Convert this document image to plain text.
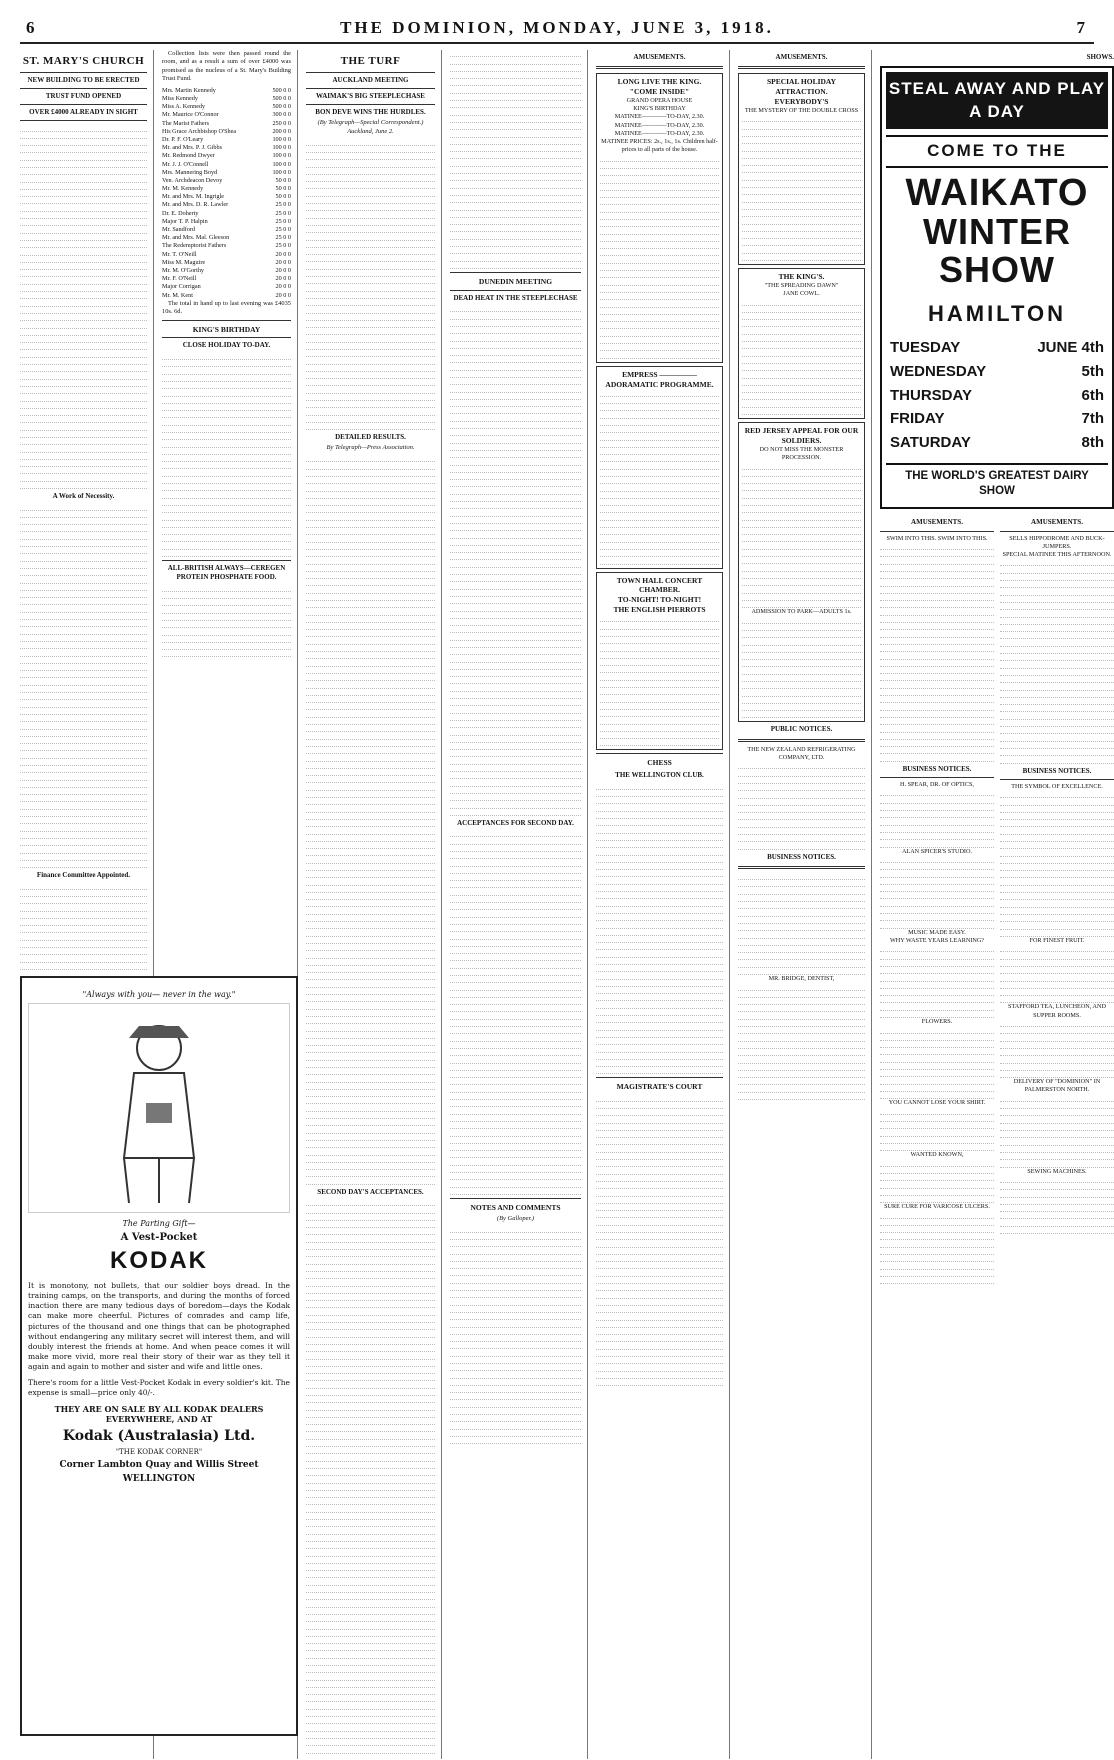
6	THE DOMINION, MONDAY, JUNE 3, 1918.	7
ST. MARY'S CHURCH
NEW BUILDING TO BE ERECTED
TRUST FUND OPENED
OVER £4000 ALREADY IN SIGHT
A Work of Necessity.
Finance Committee Appointed.

Collection lists were then passed round the room, and as a result a sum of over £4000 was promised as the nucleus of a St. Mary's Building Trust Fund.

Mrs. Martin Kennedy	500 0 0
Miss Kennedy	500 0 0
Miss A. Kennedy	500 0 0
Mr. Maurice O'Connor	300 0 0
The Marist Fathers	250 0 0
His Grace Archbishop O'Shea	200 0 0
Dr. P. F. O'Leary	100 0 0
Mr. and Mrs. P. J. Gibbs	100 0 0
Mr. Redmond Dwyer	100 0 0
Mr. J. J. O'Connell	100 0 0
Mrs. Mannering Boyd	100 0 0
Ven. Archdeacon Devoy	50 0 0
Mr. M. Kennedy	50 0 0
Mr. and Mrs. M. Ingrigle	50 0 0
Mr. and Mrs. D. R. Lawler	25 0 0
Dr. E. Doherty	25 0 0
Major T. P. Halpin	25 0 0
Mr. Sandford	25 0 0
Mr. and Mrs. Mal. Gleeson	25 0 0
The Redemptorist Fathers	25 0 0
Mr. T. O'Neill	20 0 0
Miss M. Maguire	20 0 0
Mr. M. O'Gorthy	20 0 0
Mr. F. O'Neill	20 0 0
Major Corrigan	20 0 0
Mr. M. Kent	20 0 0

The total in hand up to last evening was £4035 10s. 6d.

KING'S BIRTHDAY
CLOSE HOLIDAY TO-DAY.
ALL-BRITISH ALWAYS—CEREGEN PROTEIN PHOSPHATE FOOD.
THE TURF
AUCKLAND MEETING
WAIMAK'S BIG STEEPLECHASE
BON DEVE WINS THE HURDLES.
(By Telegraph—Special Correspondent.) Auckland, June 2.
DETAILED RESULTS.
By Telegraph—Press Association.
SECOND DAY'S ACCEPTANCES.
DUNEDIN MEETING
DEAD HEAT IN THE STEEPLECHASE
ACCEPTANCES FOR SECOND DAY.
NOTES AND COMMENTS
(By Galloper.)
AMUSEMENTS.
LONG LIVE THE KING.
"COME INSIDE"
GRAND OPERA HOUSE
KING'S BIRTHDAY
MATINEE————TO-DAY, 2.30.
MATINEE————TO-DAY, 2.30.
MATINEE————TO-DAY, 2.30.
MATINEE PRICES: 2s., 1s., 1s. Children half-prices to all parts of the house.
EMPRESS ————— ADORAMATIC PROGRAMME.
TOWN HALL CONCERT CHAMBER.
TO-NIGHT! TO-NIGHT!
THE ENGLISH PIERROTS
CHESS
THE WELLINGTON CLUB.
MAGISTRATE'S COURT
AMUSEMENTS.
SPECIAL HOLIDAY ATTRACTION.
EVERYBODY'S
THE MYSTERY OF THE DOUBLE CROSS
THE KING'S.
"THE SPREADING DAWN"
JANE COWL.
RED JERSEY APPEAL FOR OUR SOLDIERS.
DO NOT MISS THE MONSTER PROCESSION.
ADMISSION TO PARK—ADULTS 1s.
PUBLIC NOTICES.
THE NEW ZEALAND REFRIGERATING COMPANY, LTD.
BUSINESS NOTICES.
MR. BRIDGE, DENTIST,
SHOWS.
STEAL AWAY AND PLAY A DAY
COME TO THE
WAIKATO
WINTER SHOW
HAMILTON
TUESDAY	JUNE 4th
WEDNESDAY	5th
THURSDAY	6th
FRIDAY	7th
SATURDAY	8th
THE WORLD'S GREATEST DAIRY SHOW
AMUSEMENTS.
SWIM INTO THIS. SWIM INTO THIS.
BUSINESS NOTICES.
H. SPEAR, DR. OF OPTICS,
ALAN SPICER'S STUDIO.
MUSIC MADE EASY.
WHY WASTE YEARS LEARNING?
FLOWERS.
YOU CANNOT LOSE YOUR SHIRT.
WANTED KNOWN,
SURE CURE FOR VARICOSE ULCERS.
AMUSEMENTS.
SELLS HIPPODROME AND BUCK-JUMPERS.
SPECIAL MATINEE THIS AFTERNOON.
BUSINESS NOTICES.
THE SYMBOL OF EXCELLENCE.
FOR FINEST FRUIT.
STAFFORD TEA, LUNCHEON, AND SUPPER ROOMS.
DELIVERY OF "DOMINION" IN PALMERSTON NORTH.
SEWING MACHINES.
"Always with you— never in the way."
The Parting Gift—
A Vest-Pocket
KODAK
It is monotony, not bullets, that our soldier boys dread. In the training camps, on the transports, and during the months of forced inaction there are many tedious days of boredom—days the Kodak can make more cheerful. Pictures of comrades and camp life, pictures of the thousand and one things that can be photographed without endangering any military secret will interest them, and will doubly interest the friends at home. And when peace comes it will make more vivid, more real their story of their war as they tell it again and again to mother and sister and wife and little ones.
There's room for a little Vest-Pocket Kodak in every soldier's kit. The expense is small—price only 40/-.
THEY ARE ON SALE BY ALL KODAK DEALERS EVERYWHERE, AND AT
Kodak (Australasia) Ltd.
"THE KODAK CORNER"
Corner Lambton Quay and Willis Street
WELLINGTON
